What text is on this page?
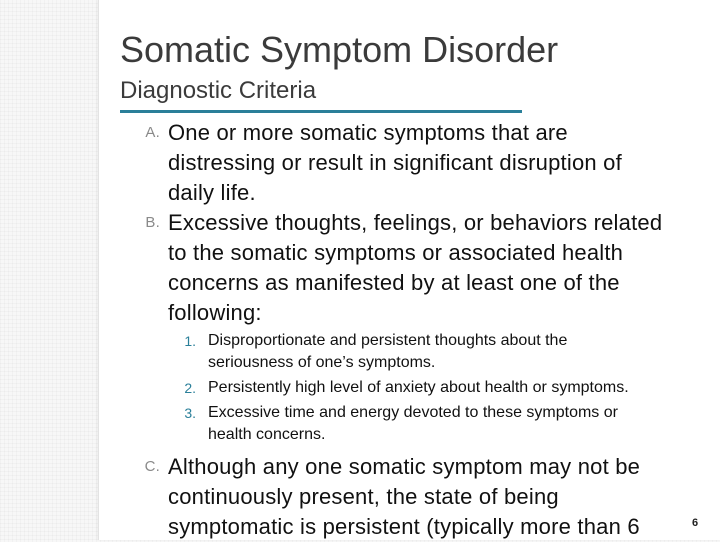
Somatic Symptom Disorder
Diagnostic Criteria
A. One or more somatic symptoms that are
distressing or result in significant disruption of
daily life.
B. Excessive thoughts, feelings, or behaviors related
to the somatic symptoms or associated health
concerns as manifested by at least one of the
following:
1. Disproportionate and persistent thoughts about the
seriousness of one’s symptoms.
2. Persistently high level of anxiety about health or symptoms.
3. Excessive time and energy devoted to these symptoms or
health concerns.
C. Although any one somatic symptom may not be
continuously present, the state of being
symptomatic is persistent (typically more than 6	6
